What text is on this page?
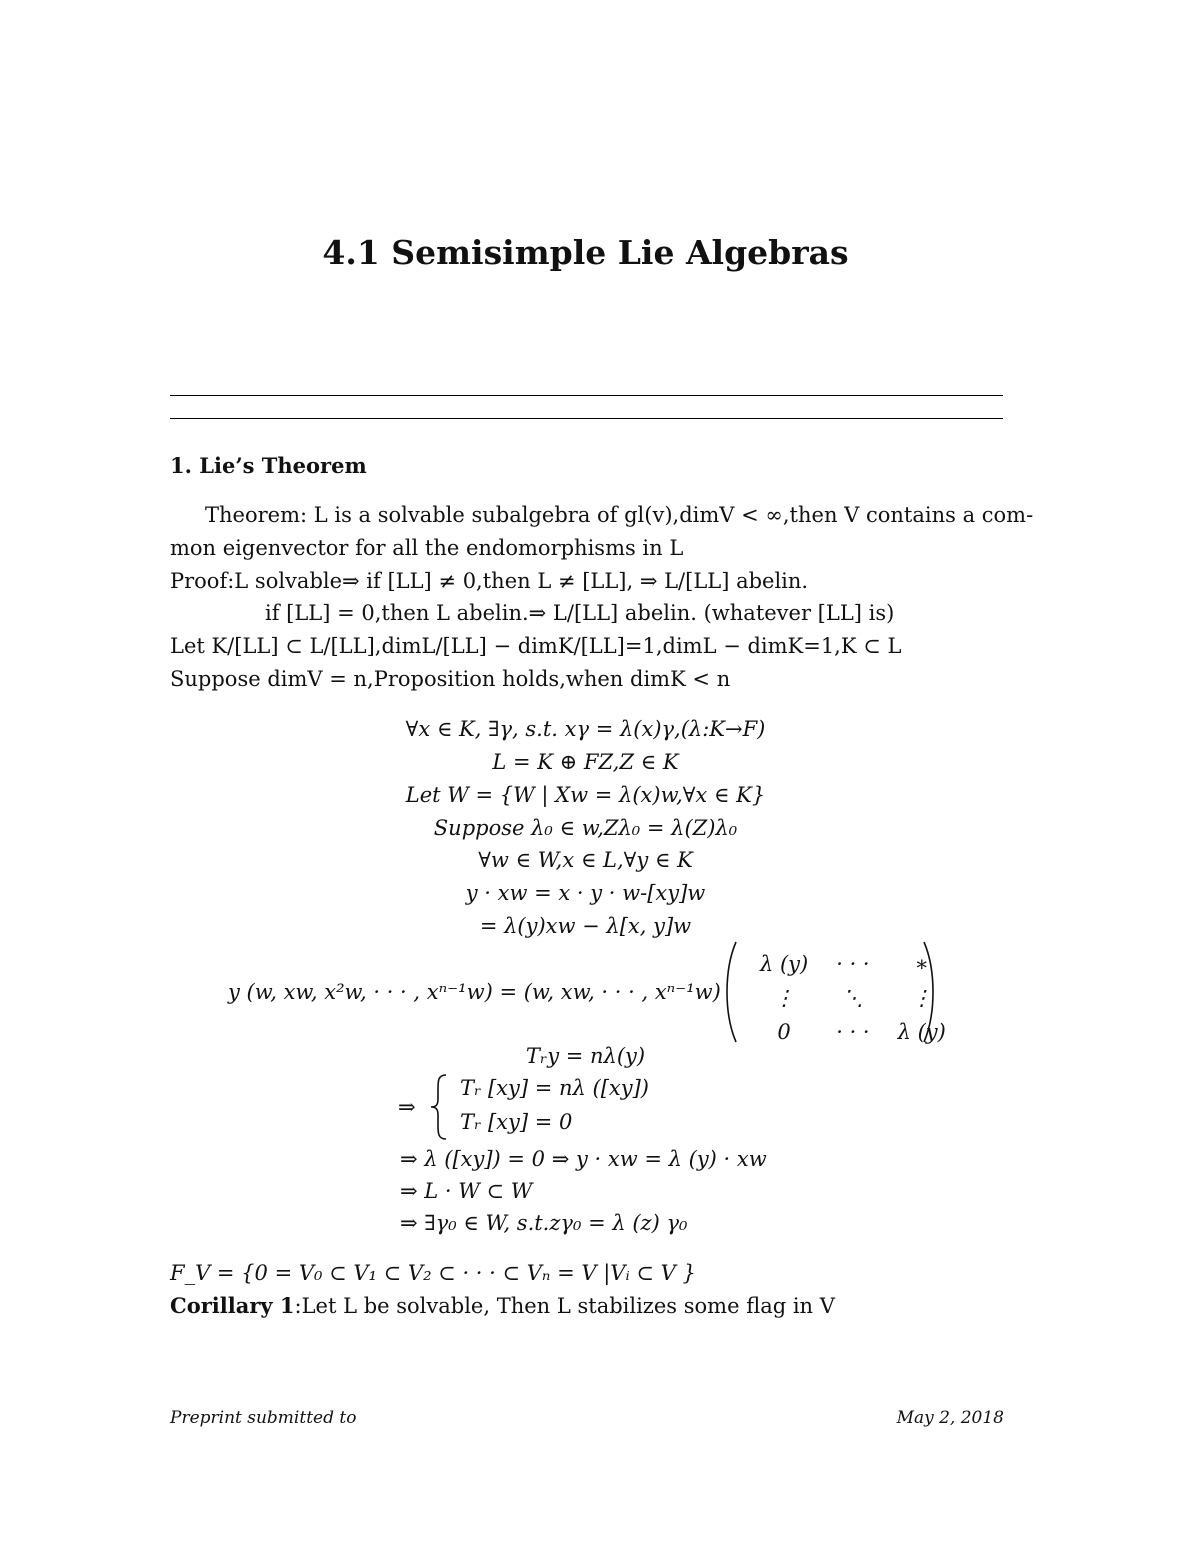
4.1 Semisimple Lie Algebras
1. Lie’s Theorem
Theorem: L is a solvable subalgebra of gl(v),dimV < ∞,then V contains a com-
mon eigenvector for all the endomorphisms in L
Proof:L solvable⇒ if [LL] ≠ 0,then L ≠ [LL], ⇒ L/[LL] abelin.
if [LL] = 0,then L abelin.⇒ L/[LL] abelin. (whatever [LL] is)
Let K/[LL] ⊂ L/[LL],dimL/[LL] − dimK/[LL]=1,dimL − dimK=1,K ⊂ L
Suppose dimV = n,Proposition holds,when dimK < n
∀x ∈ K, ∃γ, s.t. xγ = λ(x)γ,(λ:K→F)
L = K ⊕ FZ,Z ∈ K
Let W = {W | Xw = λ(x)w,∀x ∈ K}
Suppose λ₀ ∈ w,Zλ₀ = λ(Z)λ₀
∀w ∈ W,x ∈ L,∀y ∈ K
y · xw = x · y · w-[xy]w
= λ(y)xw − λ[x, y]w
y (w, xw, x²w, · · · , xⁿ⁻¹w) = (w, xw, · · · , xⁿ⁻¹w)
λ (y)	· · ·	∗
⋮	⋱	⋮
0	· · ·	λ (y)
Tᵣy = nλ(y)
⇒
Tᵣ [xy] = nλ ([xy])
Tᵣ [xy] = 0
⇒ λ ([xy]) = 0 ⇒ y · xw = λ (y) · xw
⇒ L · W ⊂ W
⇒ ∃γ₀ ∈ W, s.t.zγ₀ = λ (z) γ₀
F_V = {0 = V₀ ⊂ V₁ ⊂ V₂ ⊂ · · · ⊂ Vₙ = V |Vᵢ ⊂ V }
Corillary 1:Let L be solvable, Then L stabilizes some flag in V
Preprint submitted to	May 2, 2018
